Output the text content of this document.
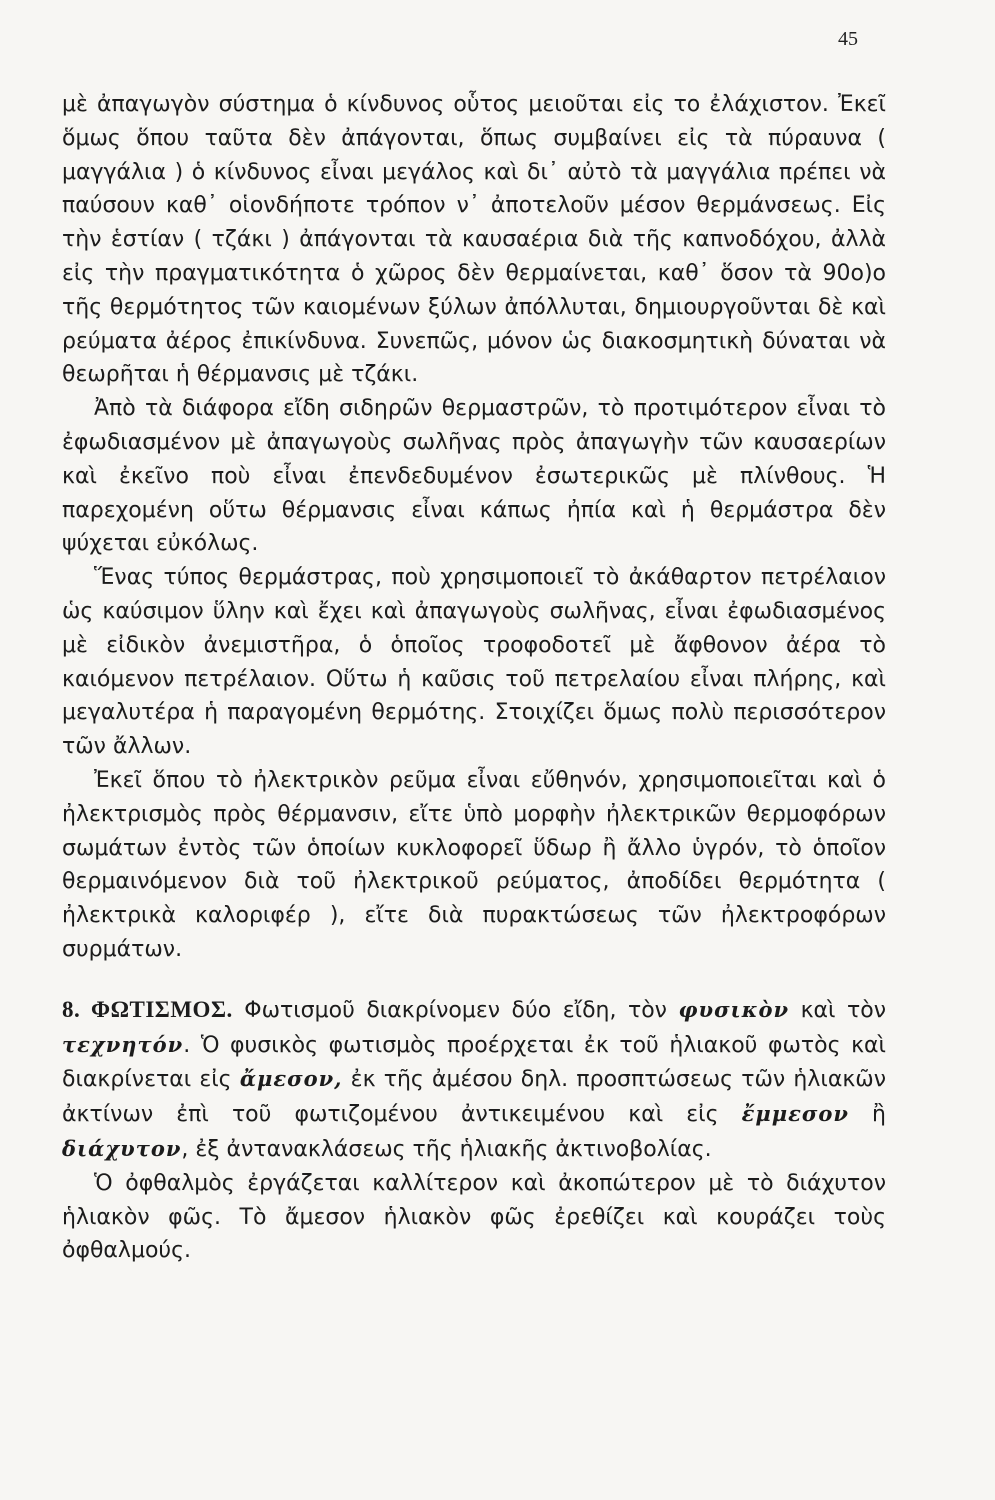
45

μὲ ἀπαγωγὸν σύστημα ὁ κίνδυνος οὗτος μειοῦται εἰς το ἐλάχιστον. Ἐκεῖ ὅμως ὅπου ταῦτα δὲν ἀπάγονται, ὅπως συμβαίνει εἰς τὰ πύραυνα ( μαγγάλια ) ὁ κίνδυνος εἶναι μεγάλος καὶ δι᾽ αὐτὸ τὰ μαγγάλια πρέπει νὰ παύσουν καθ᾽ οἱονδήποτε τρόπον ν᾽ ἀποτελοῦν μέσον θερμάνσεως. Εἰς τὴν ἑστίαν ( τζάκι ) ἀπάγονται τὰ καυσαέρια διὰ τῆς καπνοδόχου, ἀλλὰ εἰς τὴν πραγματικότητα ὁ χῶρος δὲν θερμαίνεται, καθ᾽ ὅσον τὰ 90ο)ο τῆς θερμότητος τῶν καιομένων ξύλων ἀπόλλυται, δημιουργοῦνται δὲ καὶ ρεύματα ἀέρος ἐπικίνδυνα. Συνεπῶς, μόνον ὡς διακοσμητικὴ δύναται νὰ θεωρῆται ἡ θέρμανσις μὲ τζάκι.

Ἀπὸ τὰ διάφορα εἴδη σιδηρῶν θερμαστρῶν, τὸ προτιμότερον εἶναι τὸ ἐφωδιασμένον μὲ ἀπαγωγοὺς σωλῆνας πρὸς ἀπαγωγὴν τῶν καυσαερίων καὶ ἐκεῖνο ποὺ εἶναι ἐπενδεδυμένον ἐσωτερικῶς μὲ πλίνθους. Ἡ παρεχομένη οὕτω θέρμανσις εἶναι κάπως ἠπία καὶ ἡ θερμάστρα δὲν ψύχεται εὐκόλως.

Ἕνας τύπος θερμάστρας, ποὺ χρησιμοποιεῖ τὸ ἀκάθαρτον πετρέλαιον ὡς καύσιμον ὕλην καὶ ἔχει καὶ ἀπαγωγοὺς σωλῆνας, εἶναι ἐφωδιασμένος μὲ εἰδικὸν ἀνεμιστῆρα, ὁ ὁποῖος τροφοδοτεῖ μὲ ἄφθονον ἀέρα τὸ καιόμενον πετρέλαιον. Οὕτω ἡ καῦσις τοῦ πετρελαίου εἶναι πλήρης, καὶ μεγαλυτέρα ἡ παραγομένη θερμότης. Στοιχίζει ὅμως πολὺ περισσότερον τῶν ἄλλων.

Ἐκεῖ ὅπου τὸ ἠλεκτρικὸν ρεῦμα εἶναι εὔθηνόν, χρησιμοποιεῖται καὶ ὁ ἠλεκτρισμὸς πρὸς θέρμανσιν, εἴτε ὑπὸ μορφὴν ἠλεκτρικῶν θερμοφόρων σωμάτων ἐντὸς τῶν ὁποίων κυκλοφορεῖ ὕδωρ ἢ ἄλλο ὑγρόν, τὸ ὁποῖον θερμαινόμενον διὰ τοῦ ἠλεκτρικοῦ ρεύματος, ἀποδίδει θερμότητα ( ἠλεκτρικὰ καλοριφέρ ), εἴτε διὰ πυρακτώσεως τῶν ἠλεκτροφόρων συρμάτων.

8. ΦΩΤΙΣΜΟΣ. Φωτισμοῦ διακρίνομεν δύο εἴδη, τὸν φυσικὸν καὶ τὸν τεχνητόν. Ὁ φυσικὸς φωτισμὸς προέρχεται ἐκ τοῦ ἡλιακοῦ φωτὸς καὶ διακρίνεται εἰς ἄμεσον, ἐκ τῆς ἀμέσου δηλ. προσπτώσεως τῶν ἡλιακῶν ἀκτίνων ἐπὶ τοῦ φωτιζομένου ἀντικειμένου καὶ εἰς ἔμμεσον ἢ διάχυτον, ἐξ ἀντανακλάσεως τῆς ἡλιακῆς ἀκτινοβολίας.

Ὁ ὀφθαλμὸς ἐργάζεται καλλίτερον καὶ ἀκοπώτερον μὲ τὸ διάχυτον ἡλιακὸν φῶς. Τὸ ἄμεσον ἡλιακὸν φῶς ἐρεθίζει καὶ κουράζει τοὺς ὀφθαλμούς.
